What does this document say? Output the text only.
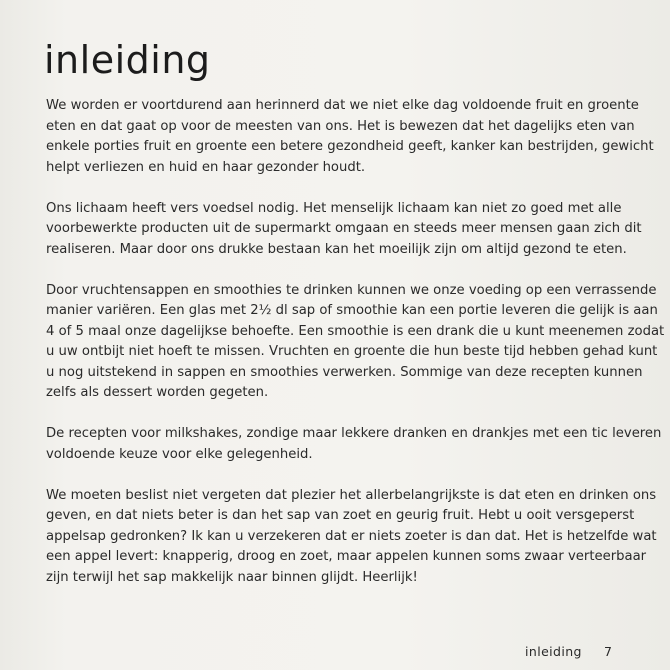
inleiding

We worden er voortdurend aan herinnerd dat we niet elke dag voldoende fruit en groente
eten en dat gaat op voor de meesten van ons. Het is bewezen dat het dagelijks eten van
enkele porties fruit en groente een betere gezondheid geeft, kanker kan bestrijden, gewicht
helpt verliezen en huid en haar gezonder houdt.

Ons lichaam heeft vers voedsel nodig. Het menselijk lichaam kan niet zo goed met alle
voorbewerkte producten uit de supermarkt omgaan en steeds meer mensen gaan zich dit
realiseren. Maar door ons drukke bestaan kan het moeilijk zijn om altijd gezond te eten.

Door vruchtensappen en smoothies te drinken kunnen we onze voeding op een verrassende
manier variëren. Een glas met 2½ dl sap of smoothie kan een portie leveren die gelijk is aan
4 of 5 maal onze dagelijkse behoefte. Een smoothie is een drank die u kunt meenemen zodat
u uw ontbijt niet hoeft te missen. Vruchten en groente die hun beste tijd hebben gehad kunt
u nog uitstekend in sappen en smoothies verwerken. Sommige van deze recepten kunnen
zelfs als dessert worden gegeten.

De recepten voor milkshakes, zondige maar lekkere dranken en drankjes met een tic leveren
voldoende keuze voor elke gelegenheid.

We moeten beslist niet vergeten dat plezier het allerbelangrijkste is dat eten en drinken ons
geven, en dat niets beter is dan het sap van zoet en geurig fruit. Hebt u ooit versgeperst
appelsap gedronken? Ik kan u verzekeren dat er niets zoeter is dan dat. Het is hetzelfde wat
een appel levert: knapperig, droog en zoet, maar appelen kunnen soms zwaar verteerbaar
zijn terwijl het sap makkelijk naar binnen glijdt. Heerlijk!

inleiding 7
